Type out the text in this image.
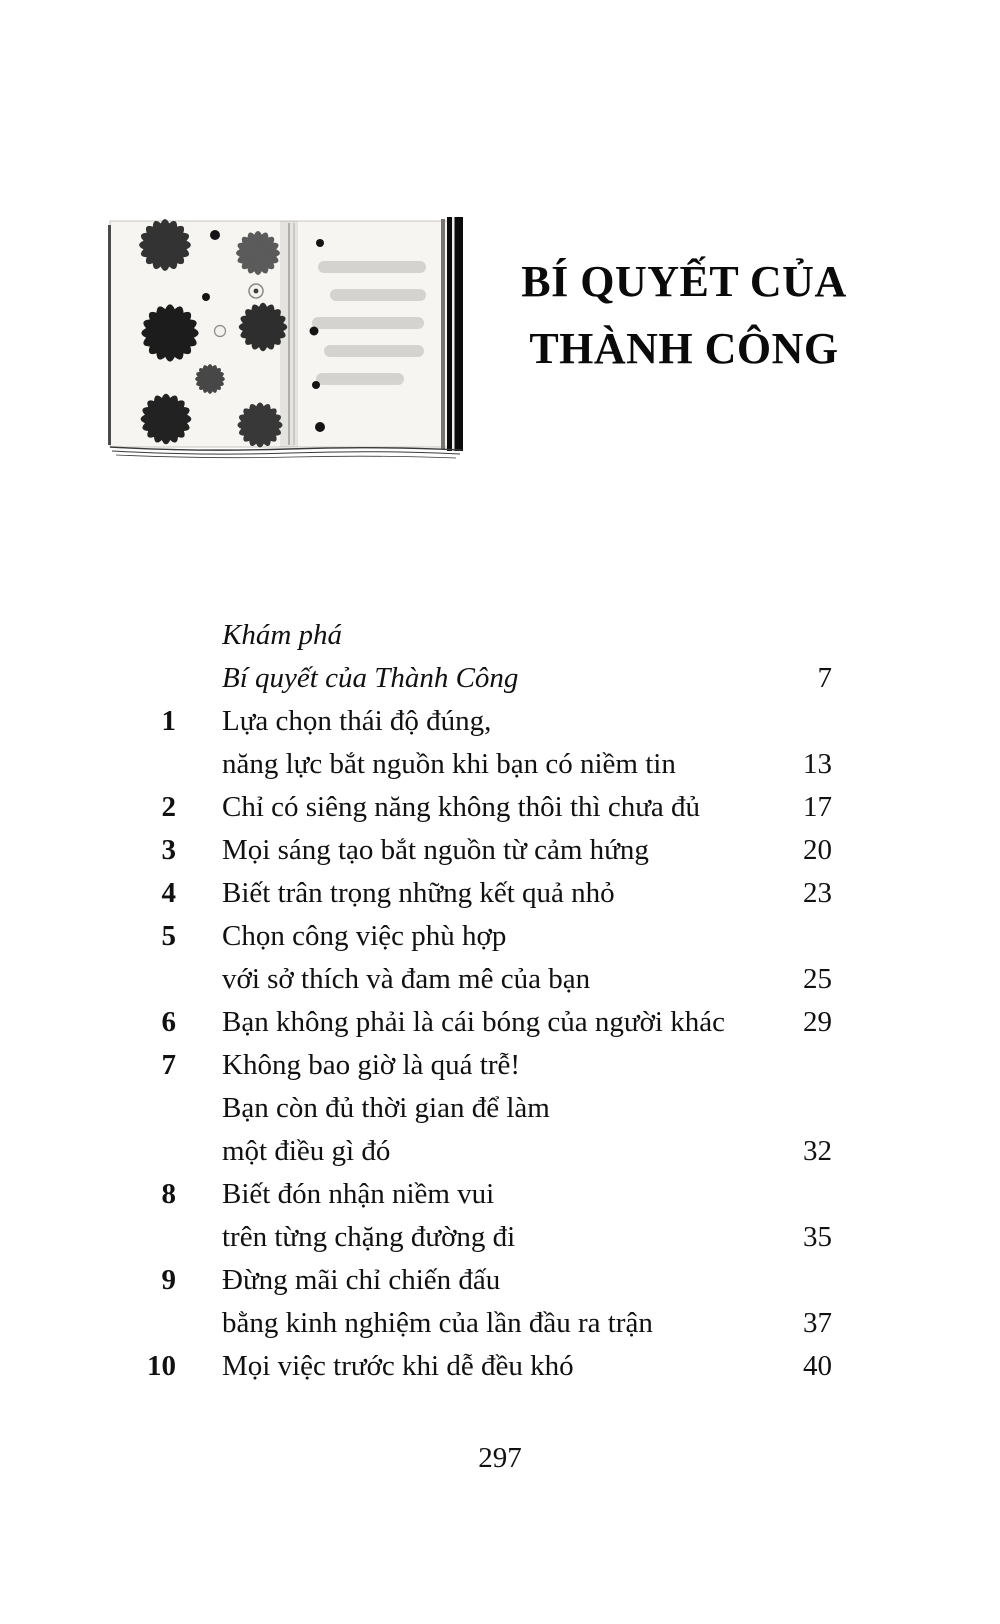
BÍ QUYẾT CỦA
THÀNH CÔNG
Khám phá
Bí quyết của Thành Công	7
1 Lựa chọn thái độ đúng,
năng lực bắt nguồn khi bạn có niềm tin	13
2 Chỉ có siêng năng không thôi thì chưa đủ	17
3 Mọi sáng tạo bắt nguồn từ cảm hứng	20
4 Biết trân trọng những kết quả nhỏ	23
5 Chọn công việc phù hợp
với sở thích và đam mê của bạn	25
6 Bạn không phải là cái bóng của người khác	29
7 Không bao giờ là quá trễ!
Bạn còn đủ thời gian để làm
một điều gì đó	32
8 Biết đón nhận niềm vui
trên từng chặng đường đi	35
9 Đừng mãi chỉ chiến đấu
bằng kinh nghiệm của lần đầu ra trận	37
10 Mọi việc trước khi dễ đều khó	40
297
